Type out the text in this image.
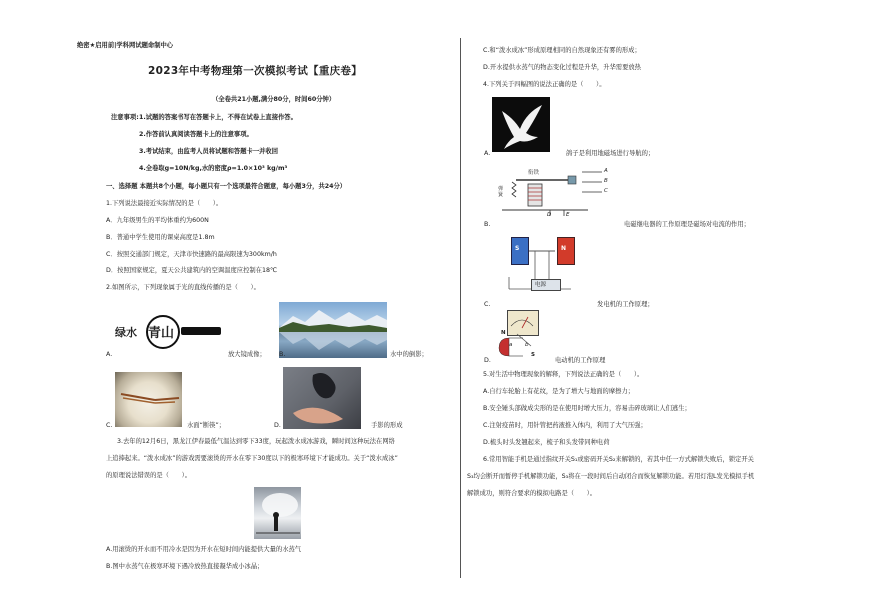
绝密★启用前|学科网试题命制中心
2023年中考物理第一次模拟考试【重庆卷】
（全卷共21小题,满分80分，时间60分钟）
注意事项: 1.试题的答案书写在答题卡上，不得在试卷上直接作答。
2.作答前认真阅读答题卡上的注意事项。
3.考试结束，由监考人员将试题和答题卡一并收回
4.全卷取g=10N/kg,水的密度ρ=1.0×10³ kg/m³
一、选择题 本题共8个小题，每小题只有一个选项最符合题意，每小题3分，共24分）
1.下列说法最接近实际情况的是（　　）。
A．九年级男生的平均体重约为600N
B．普通中学生使用的课桌高度是1.8m
C．按照交通部门规定，天津市快速路的最高限速为300km/h
D．按照国家规定，夏天公共建筑内的空调温度应控制在18℃
2.如图所示，下列现象属于光的直线传播的是（　　）。
绿水 青山
A.	放大镜成像； B.	水中的倒影；
C.	水面“断筷”；	D.	手影的形成
3.去年的12月6日，黑龙江伊春最低气温达到零下33度，玩起泼水成冰游戏，瞬时间这种玩法在网络
上追捧起来。“泼水成冰”的游戏需要滚烫的开水在零下30度以下的极寒环境下才能成功。关于“泼水成冰”
的原理说法错误的是（　　）。
A.用滚烫的开水而不用冷水是因为开水在短时间内能提供大量的水蒸气
B.图中水蒸气在极寒环境下遇冷放热直接凝华成小冰晶；
C.和“泼水成冰”形成原理相同的自然现象还有雾的形成；
D.开水提供水蒸气的物态变化过程是升华，升华需要放热
4.下列关于四幅图的说法正确的是（　　）。
A.	鸽子是利用地磁场进行导航的；
衔铁
弹簧
A
B
C
D	E
B.	电磁继电器的工作原理是磁场对电流的作用；
S	N
电源
C.	发电机的工作原理；
N
S
a b
D.	电动机的工作原理
5.对生活中物理现象的解释，下列说法正确的是（　　）。
A.自行车轮胎上有花纹，是为了增大与地面的摩擦力；
B.安全锤头部做成尖形的是在使用时增大压力，容易击碎玻璃让人们逃生；
C.注射疫苗时，用针管把药液推入体内，利用了大气压强；
D.梳头时头发翘起来，梳子和头发带同种电荷
6.常用智能手机是通过指纹开关S₁或密码开关S₂来解锁的，若其中任一方式解锁失败后，锁定开关
S₃均会断开而暂停手机解锁功能，S₃将在一段时间后自动闭合而恢复解锁功能。若用灯泡L发光模拟手机
解锁成功，则符合要求的模拟电路是（　　）。
